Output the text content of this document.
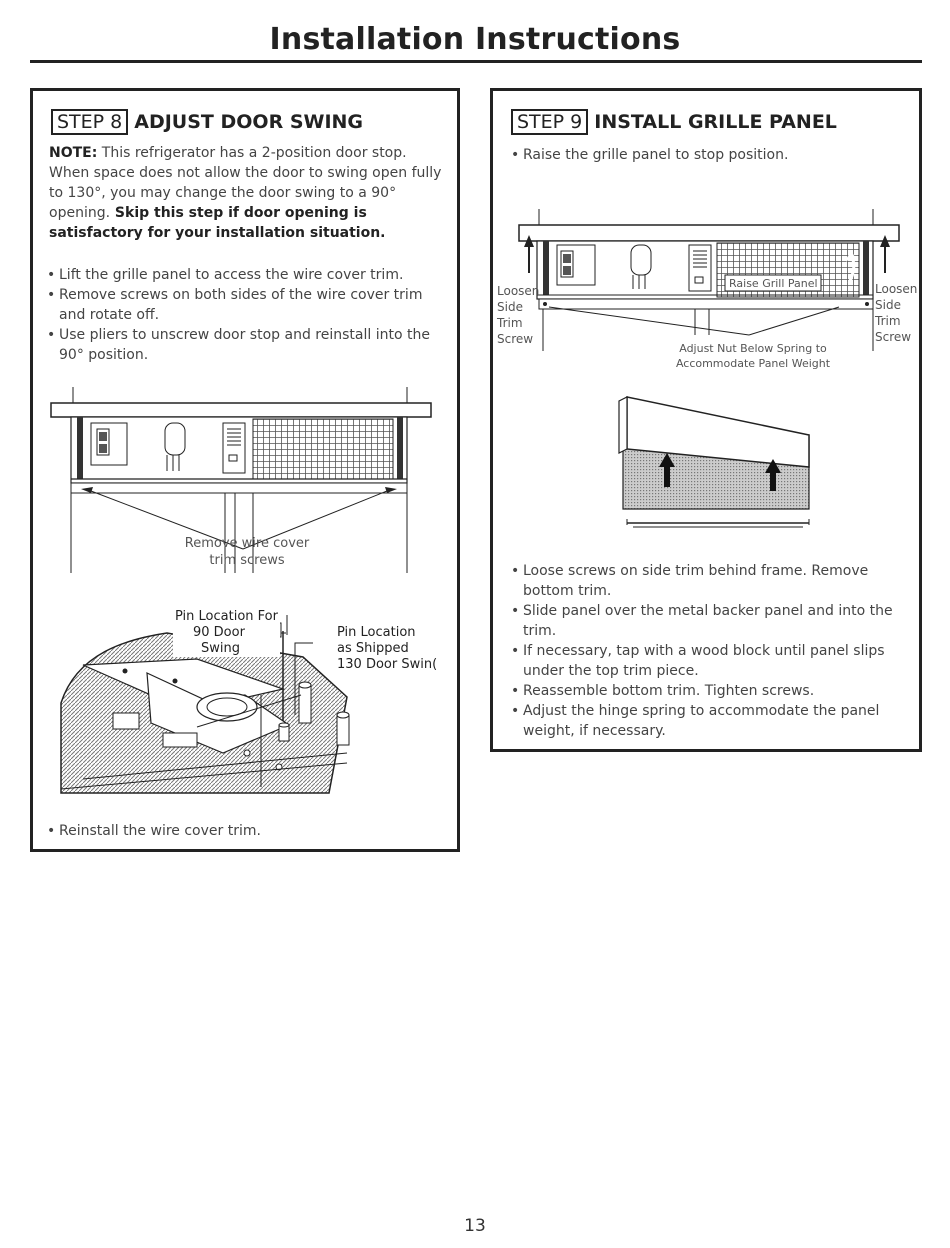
Installation Instructions
STEP 8 ADJUST DOOR SWING
NOTE: This refrigerator has a 2-position door stop. When space does not allow the door to swing open fully to 130°, you may change the door swing to a 90° opening. Skip this step if door opening is satisfactory for your installation situation.
• Lift the grille panel to access the wire cover trim.
• Remove screws on both sides of the wire cover trim and rotate off.
• Use pliers to unscrew door stop and reinstall into the 90° position.
Remove wire cover
trim screws
Pin Location For
90 Door
Swing
Pin Location
as Shipped
130 Door Swin(
• Reinstall the wire cover trim.
STEP 9 INSTALL GRILLE PANEL
• Raise the grille panel to stop position.
Raise Grill Panel
Loosen
Side
Trim
Screw
Loosen
Side
Trim
Screw
Adjust Nut Below Spring to
Accommodate Panel Weight
• Loose screws on side trim behind frame. Remove bottom trim.
• Slide panel over the metal backer panel and into the trim.
• If necessary, tap with a wood block until panel slips under the top trim piece.
• Reassemble bottom trim. Tighten screws.
• Adjust the hinge spring to accommodate the panel weight, if necessary.
13
